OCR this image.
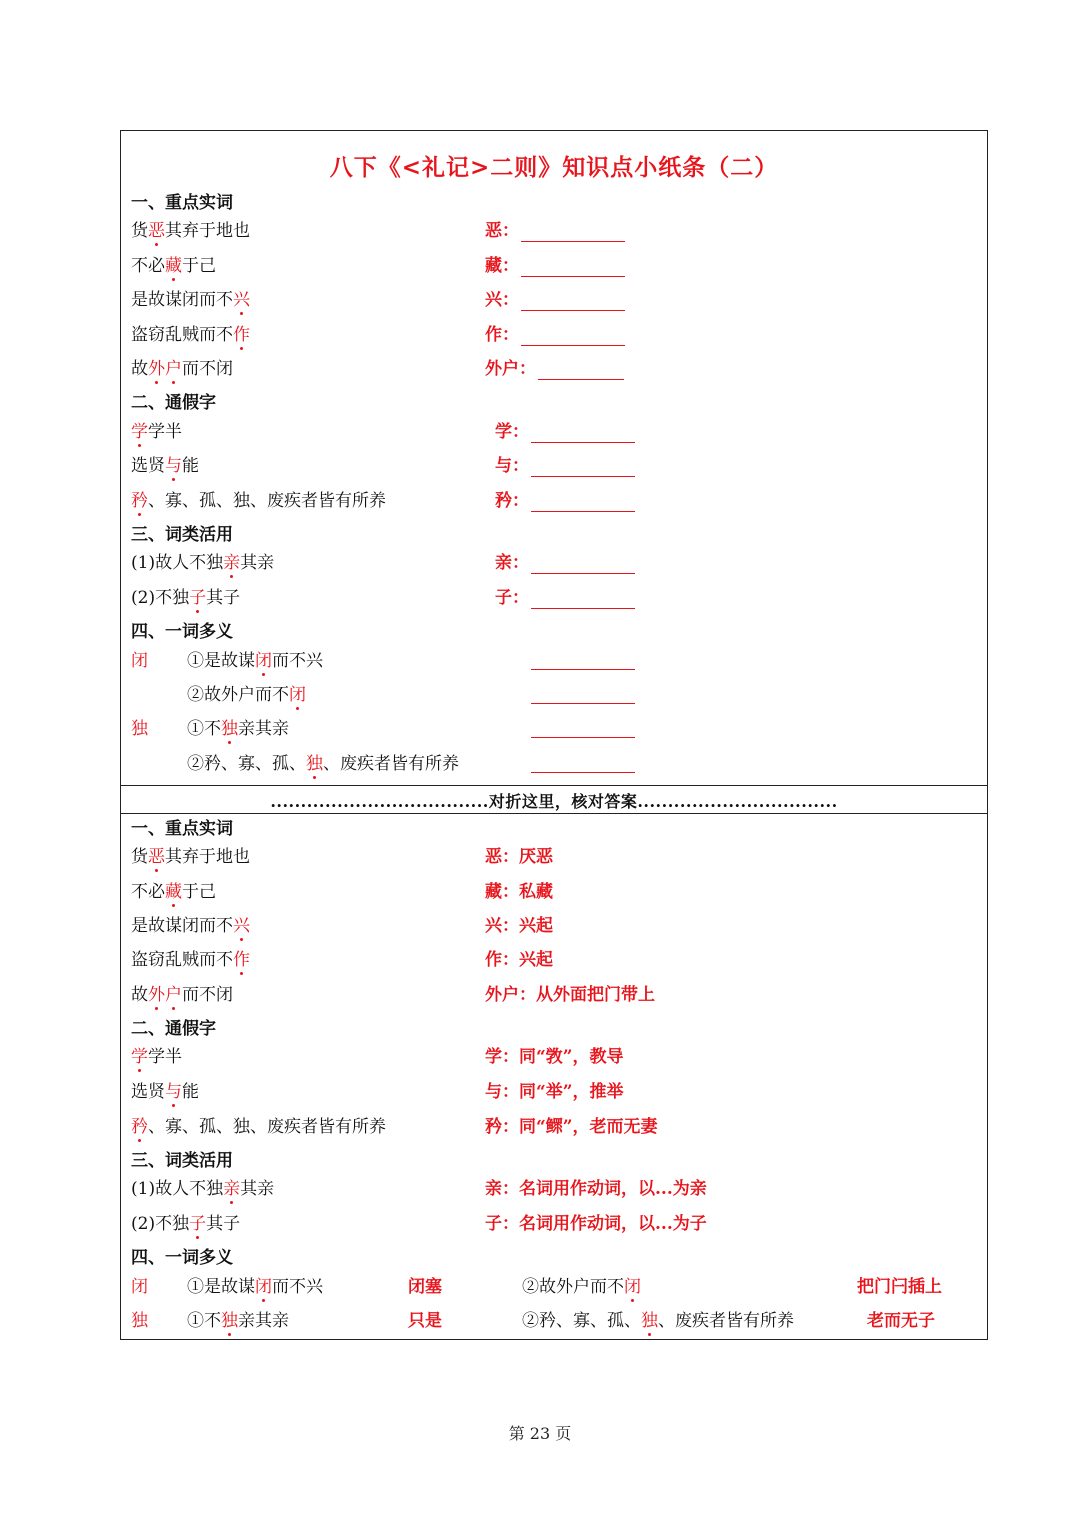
八下《<礼记>二则》知识点小纸条（二）
一、重点实词
货恶其弃于地也	恶：
不必藏于己	藏：
是故谋闭而不兴	兴：
盗窃乱贼而不作	作：
故外户而不闭	外户：
二、通假字
学学半	学：
选贤与能	与：
矜、寡、孤、独、废疾者皆有所养	矜：
三、词类活用
(1)故人不独亲其亲	亲：
(2)不独子其子	子：
四、一词多义
闭 ①是故谋闭而不兴
②故外户而不闭
独 ①不独亲其亲
②矜、寡、孤、独、废疾者皆有所养
....................................对折这里，核对答案.................................
一、重点实词
货恶其弃于地也	恶：厌恶
不必藏于己	藏：私藏
是故谋闭而不兴	兴：兴起
盗窃乱贼而不作	作：兴起
故外户而不闭	外户：从外面把门带上
二、通假字
学学半	学：同“敩”，教导
选贤与能	与：同“举”，推举
矜、寡、孤、独、废疾者皆有所养	矜：同“鳏”，老而无妻
三、词类活用
(1)故人不独亲其亲	亲：名词用作动词，以...为亲
(2)不独子其子	子：名词用作动词，以...为子
四、一词多义
闭 ①是故谋闭而不兴	闭塞	②故外户而不闭	把门闩插上
独 ①不独亲其亲	只是	②矜、寡、孤、独、废疾者皆有所养	老而无子
第 23 页
